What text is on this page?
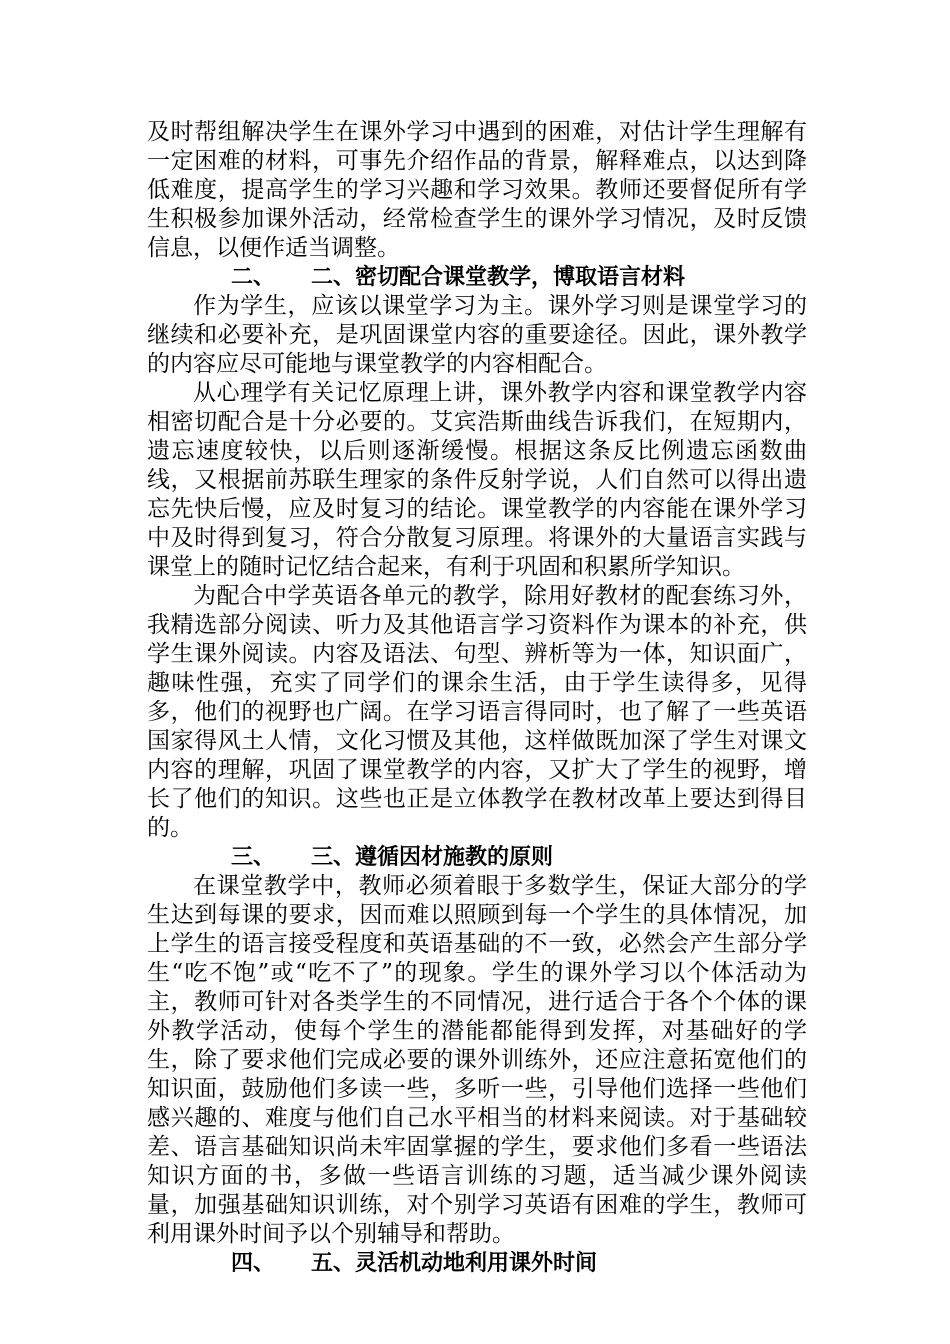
及时帮组解决学生在课外学习中遇到的困难，对估计学生理解有一定困难的材料，可事先介绍作品的背景，解释难点，以达到降低难度，提高学生的学习兴趣和学习效果。教师还要督促所有学生积极参加课外活动，经常检查学生的课外学习情况，及时反馈信息，以便作适当调整。

二、 二、密切配合课堂教学，博取语言材料

作为学生，应该以课堂学习为主。课外学习则是课堂学习的继续和必要补充，是巩固课堂内容的重要途径。因此，课外教学的内容应尽可能地与课堂教学的内容相配合。

从心理学有关记忆原理上讲，课外教学内容和课堂教学内容相密切配合是十分必要的。艾宾浩斯曲线告诉我们，在短期内，遗忘速度较快，以后则逐渐缓慢。根据这条反比例遗忘函数曲线，又根据前苏联生理家的条件反射学说，人们自然可以得出遗忘先快后慢，应及时复习的结论。课堂教学的内容能在课外学习中及时得到复习，符合分散复习原理。将课外的大量语言实践与课堂上的随时记忆结合起来，有利于巩固和积累所学知识。

为配合中学英语各单元的教学，除用好教材的配套练习外，我精选部分阅读、听力及其他语言学习资料作为课本的补充，供学生课外阅读。内容及语法、句型、辨析等为一体，知识面广，趣味性强，充实了同学们的课余生活，由于学生读得多，见得多，他们的视野也广阔。在学习语言得同时，也了解了一些英语国家得风土人情，文化习惯及其他，这样做既加深了学生对课文内容的理解，巩固了课堂教学的内容，又扩大了学生的视野，增长了他们的知识。这些也正是立体教学在教材改革上要达到得目的。

三、 三、遵循因材施教的原则

在课堂教学中，教师必须着眼于多数学生，保证大部分的学生达到每课的要求，因而难以照顾到每一个学生的具体情况，加上学生的语言接受程度和英语基础的不一致，必然会产生部分学生“吃不饱”或“吃不了”的现象。学生的课外学习以个体活动为主，教师可针对各类学生的不同情况，进行适合于各个个体的课外教学活动，使每个学生的潜能都能得到发挥，对基础好的学生，除了要求他们完成必要的课外训练外，还应注意拓宽他们的知识面，鼓励他们多读一些，多听一些，引导他们选择一些他们感兴趣的、难度与他们自己水平相当的材料来阅读。对于基础较差、语言基础知识尚未牢固掌握的学生，要求他们多看一些语法知识方面的书，多做一些语言训练的习题，适当减少课外阅读量，加强基础知识训练，对个别学习英语有困难的学生，教师可利用课外时间予以个别辅导和帮助。

四、 五、灵活机动地利用课外时间
